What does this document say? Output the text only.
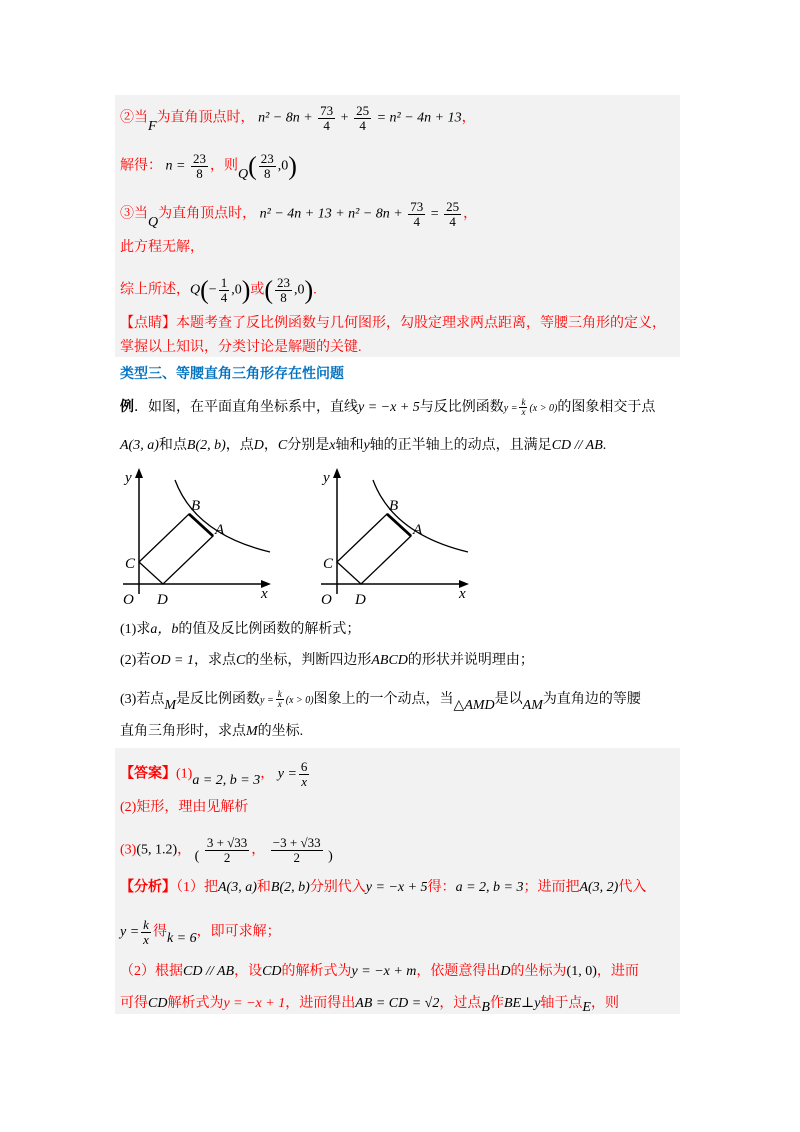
②当F为直角顶点时， $n^2 - 8n + \frac{73}{4} + \frac{25}{4} = n^2 - 4n + 13$，
解得： $n = \frac{23}{8}$ ，则$Q( \frac{23}{8} ,0)$
③当Q为直角顶点时， $n^2 - 4n + 13 + n^2 - 8n + \frac{73}{4} = \frac{25}{4}$ ，
此方程无解，
综上所述，$Q(- \frac{1}{4} ,0)$或( $\frac{23}{8} ,0$).
【点睛】本题考查了反比例函数与几何图形，勾股定理求两点距离，等腰三角形的定义，
掌握以上知识，分类讨论是解题的关键.
类型三、等腰直角三角形存在性问题
例．如图，在平面直角坐标系中，直线y = −x + 5与反比例函数$y = \frac{k}{x} (x > 0)$的图象相交于点
A(3, a)和点B(2, b)，点D，C分别是x轴和y轴的正半轴上的动点，且满足CD // AB.
y
x
O
C
D
A
B
y
x
O
C
D
A
B
(1)求a，b的值及反比例函数的解析式；
(2)若OD = 1，求点C的坐标，判断四边形ABCD的形状并说明理由；
(3)若点M是反比例函数$y = \frac{k}{x} (x > 0)$图象上的一个动点，当△AMD是以AM为直角边的等腰
直角三角形时，求点M的坐标.
【答案】(1)a = 2, b = 3， $y = \frac{6}{x}$
(2)矩形，理由见解析
(3)(5, 1.2)， ( $\frac{3 + √33}{2}$ ， $\frac{-3 + √33}{2}$ )
【分析】（1）把A(3, a)和B(2, b)分别代入y = −x + 5得：a = 2, b = 3；进而把A(3, 2)代入
$y = \frac{k}{x}$ 得k = 6，即可求解；
（2）根据CD // AB，设CD的解析式为y = −x + m，依题意得出D的坐标为(1, 0)，进而
可得CD解析式为y = −x + 1，进而得出AB = CD = √2，过点B作BE⊥y轴于点E，则
